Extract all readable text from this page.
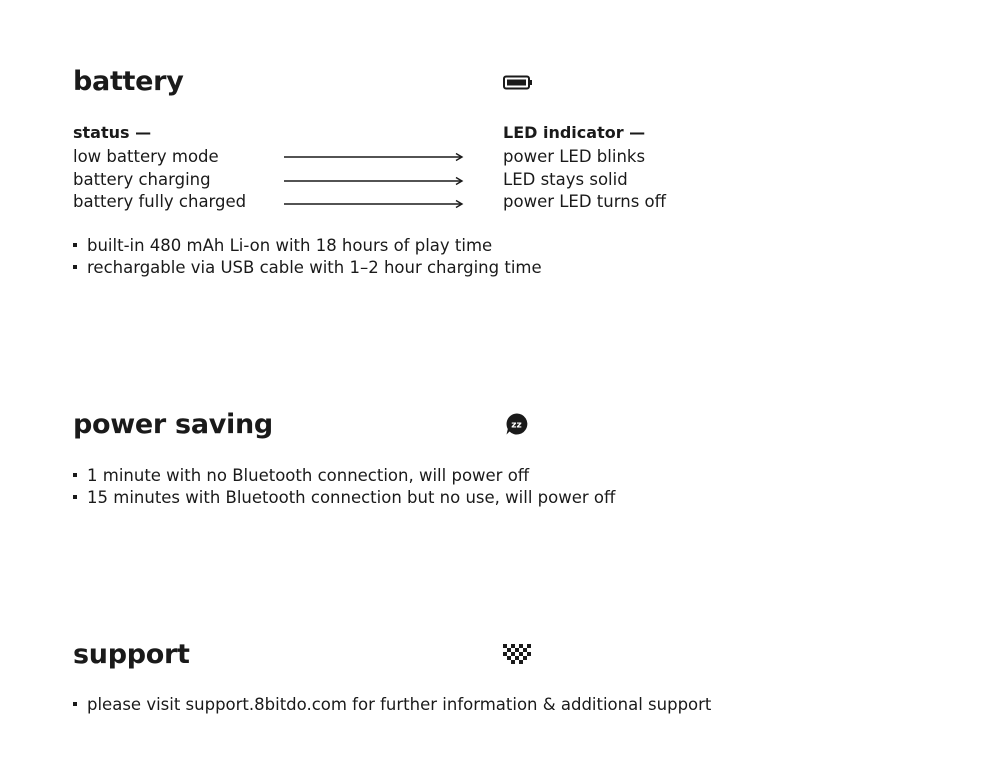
battery
status —	LED indicator —
low battery mode	power LED blinks
battery charging	LED stays solid
battery fully charged	power LED turns off
built-in 480 mAh Li-on with 18 hours of play time
rechargable via USB cable with 1–2 hour charging time
power saving	zz
1 minute with no Bluetooth connection, will power off
15 minutes with Bluetooth connection but no use, will power off
support
please visit support.8bitdo.com for further information & additional support
